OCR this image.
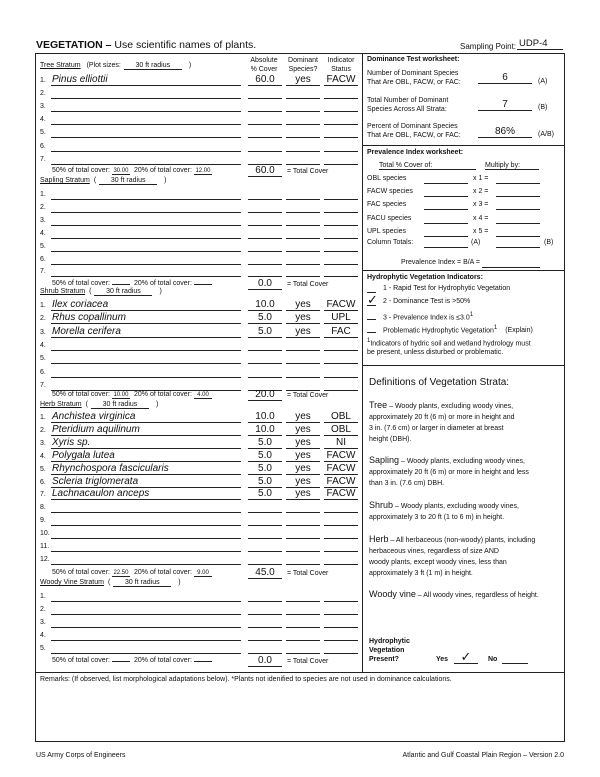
VEGETATION – Use scientific names of plants.	Sampling Point: UDP-4
Absolute
% Cover
Dominant
Species?
Indicator
Status
Tree Stratum (Plot sizes: 30 ft radius	)
1. Pinus elliottii	60.0	yes	FACW
2.
3.
4.
5.
6.
7.
50% of total cover: 30.00 20% of total cover: 12.00	60.0	= Total Cover
Sapling Stratum ( 30 ft radius	)
1.
2.
3.
4.
5.
6.
7.
50% of total cover:	20% of total cover:	0.0	= Total Cover
Shrub Stratum ( 30 ft radius	)
1. Ilex coriacea	10.0	yes	FACW
2. Rhus copallinum	5.0	yes	UPL
3. Morella cerifera	5.0	yes	FAC
4.
5.
6.
7.
50% of total cover: 10.00 20% of total cover: 4.00	20.0	= Total Cover
Herb Stratum ( 30 ft radius	)
1. Anchistea virginica	10.0	yes	OBL
2. Pteridium aquilinum	10.0	yes	OBL
3. Xyris sp.	5.0	yes	NI
4. Polygala lutea	5.0	yes	FACW
5. Rhynchospora fascicularis	5.0	yes	FACW
6. Scleria triglomerata	5.0	yes	FACW
7. Lachnacaulon anceps	5.0	yes	FACW
8.
9.
10.
11.
12.
50% of total cover: 22.50 20% of total cover: 9.00	45.0	= Total Cover
Woody Vine Stratum ( 30 ft radius	)
1.
2.
3.
4.
5.
50% of total cover:	20% of total cover:	0.0	= Total Cover
Dominance Test worksheet:
Number of Dominant Species
That Are OBL, FACW, or FAC:	6	(A)
Total Number of Dominant
Species Across All Strata:	7	(B)
Percent of Dominant Species
That Are OBL, FACW, or FAC:	86%	(A/B)
Prevalence Index worksheet:
Total % Cover of:	Multiply by:
OBL species	x 1 =
FACW species	x 2 =
FAC species	x 3 =
FACU species	x 4 =
UPL species	x 5 =
Column Totals:	(A)	(B)
Prevalence Index = B/A =
Hydrophytic Vegetation Indicators:
1 - Rapid Test for Hydrophytic Vegetation
✓ 2 - Dominance Test is >50%
3 - Prevalence Index is $\le 3.0^1$
Problematic Hydrophytic Vegetation$^1$ (Explain)
$^1$Indicators of hydric soil and wetland hydrology must
be present, unless disturbed or problematic.
Definitions of Vegetation Strata:
Tree – Woody plants, excluding woody vines,
approximately 20 ft (6 m) or more in height and
3 in. (7.6 cm) or larger in diameter at breast
height (DBH).
Sapling – Woody plants, excluding woody vines,
approximately 20 ft (6 m) or more in height and less
than 3 in. (7.6 cm) DBH.
Shrub – Woody plants, excluding woody vines,
approximately 3 to 20 ft (1 to 6 m) in height.
Herb – All herbaceous (non-woody) plants, including
herbaceous vines, regardless of size AND
woody plants, except woody vines, less than
approximately 3 ft (1 m) in height.
Woody vine – All woody vines, regardless of height.
Hydrophytic
Vegetation
Present?	Yes ✓	No
Remarks: (If observed, list morphological adaptations below). *Plants not idenified to species are not used in dominance calculations.
US Army Corps of Engineers	Atlantic and Gulf Coastal Plain Region – Version 2.0
